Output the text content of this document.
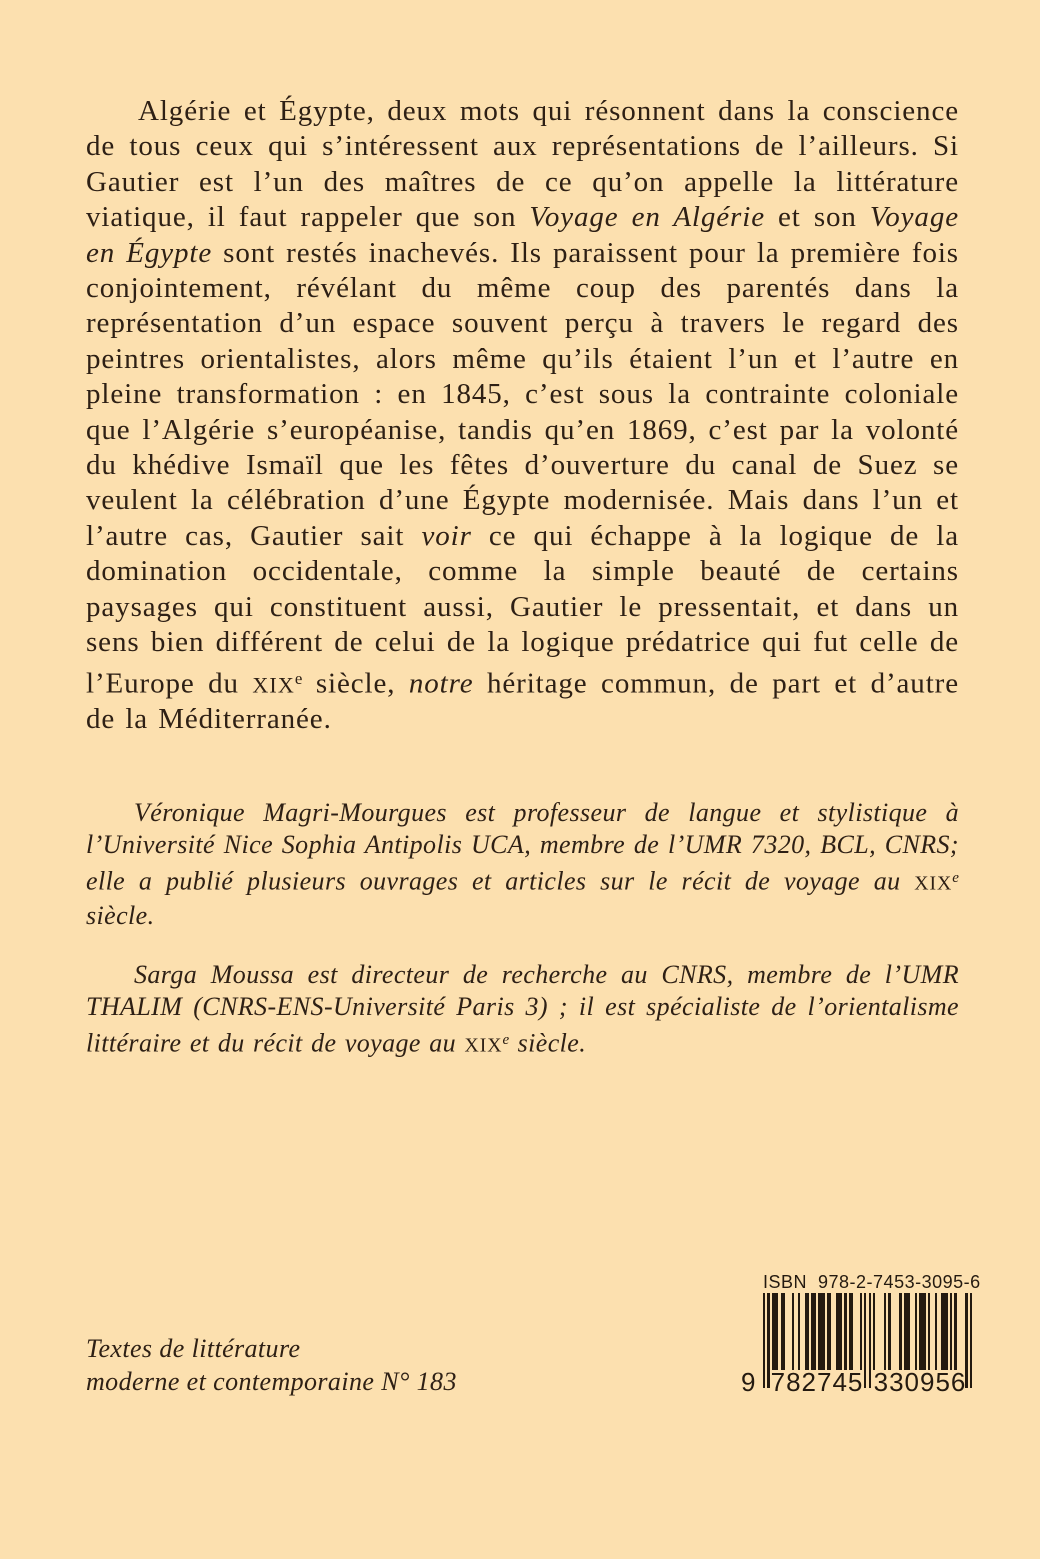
Algérie et Égypte, deux mots qui résonnent dans la conscience de tous ceux qui s’intéressent aux représentations de l’ailleurs. Si Gautier est l’un des maîtres de ce qu’on appelle la littérature viatique, il faut rappeler que son Voyage en Algérie et son Voyage en Égypte sont restés inachevés. Ils paraissent pour la première fois conjointement, révélant du même coup des parentés dans la représentation d’un espace souvent perçu à travers le regard des peintres orientalistes, alors même qu’ils étaient l’un et l’autre en pleine transformation : en 1845, c’est sous la contrainte coloniale que l’Algérie s’européanise, tandis qu’en 1869, c’est par la volonté du khédive Ismaïl que les fêtes d’ouverture du canal de Suez se veulent la célébration d’une Égypte modernisée. Mais dans l’un et l’autre cas, Gautier sait voir ce qui échappe à la logique de la domination occidentale, comme la simple beauté de certains paysages qui constituent aussi, Gautier le pressentait, et dans un sens bien différent de celui de la logique prédatrice qui fut celle de l’Europe du XIXe siècle, notre héritage commun, de part et d’autre de la Méditerranée.

Véronique Magri-Mourgues est professeur de langue et stylistique à l’Université Nice Sophia Antipolis UCA, membre de l’UMR 7320, BCL, CNRS; elle a publié plusieurs ouvrages et articles sur le récit de voyage au XIXe siècle.

Sarga Moussa est directeur de recherche au CNRS, membre de l’UMR THALIM (CNRS-ENS-Université Paris 3) ; il est spécialiste de l’orientalisme littéraire et du récit de voyage au XIXe siècle.

Textes de littérature
moderne et contemporaine N° 183
ISBN  978-2-7453-3095-6
9 782745 330956
